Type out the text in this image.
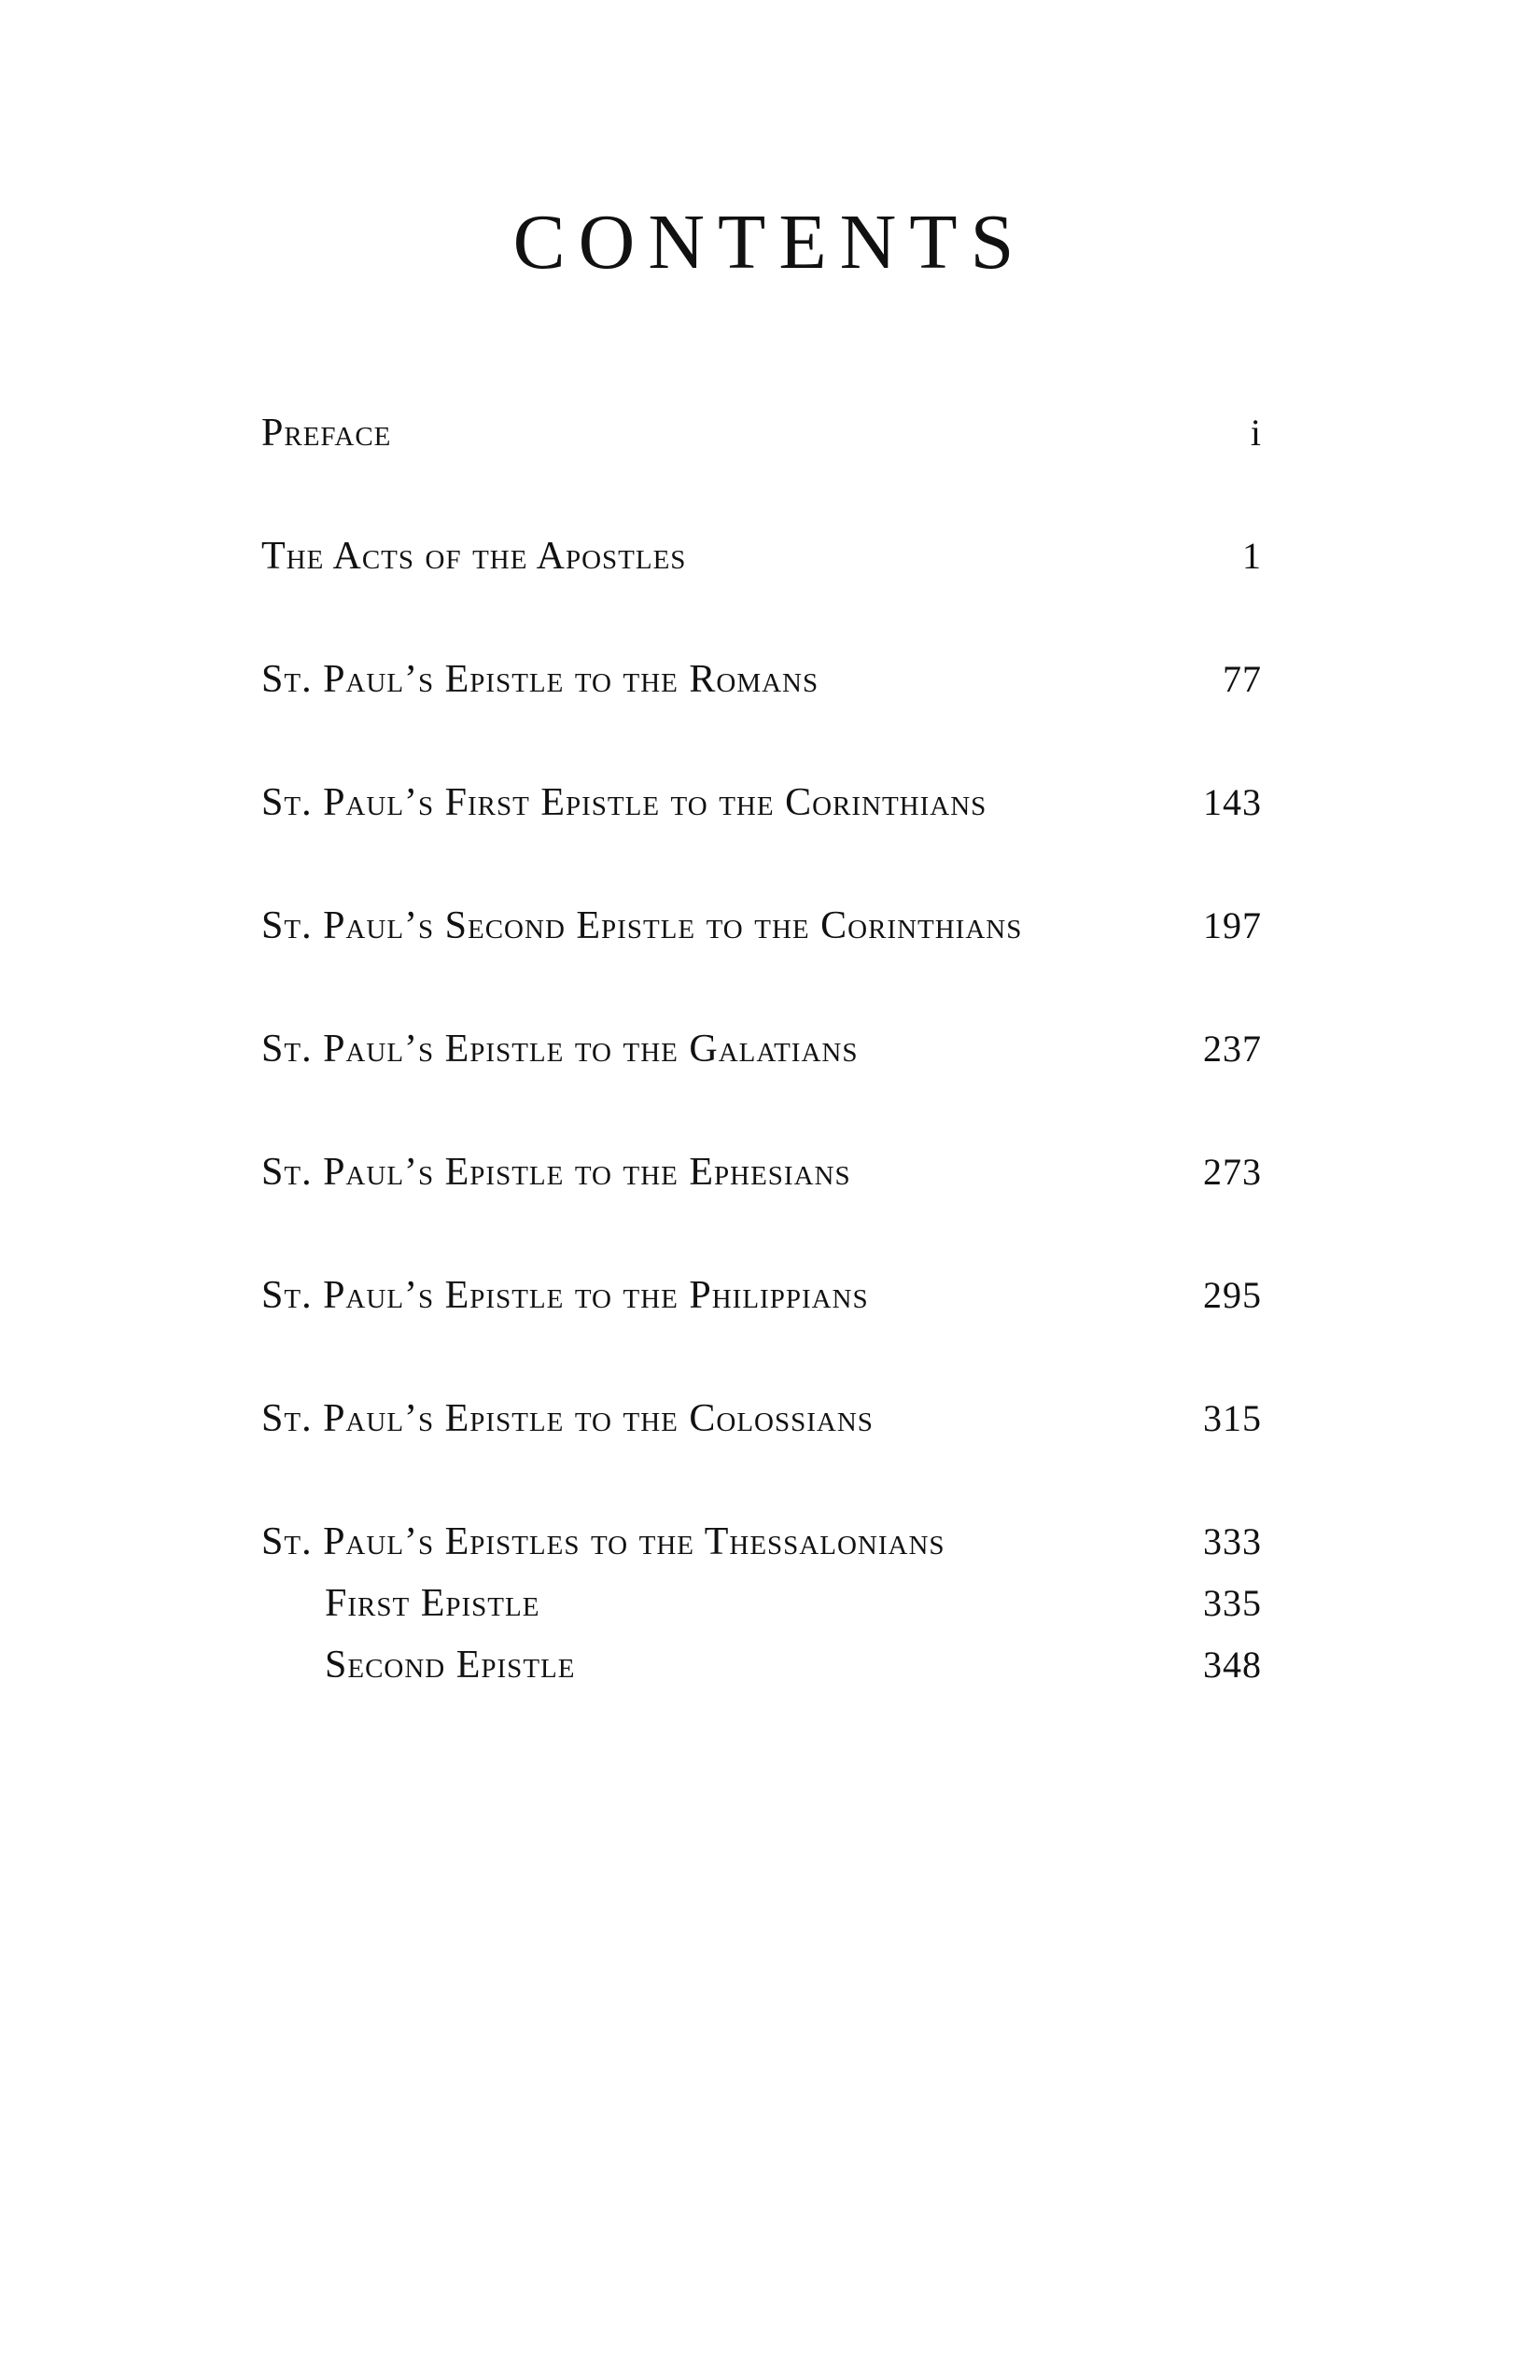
CONTENTS
Preface	i
The Acts of the Apostles	1
St. Paul’s Epistle to the Romans	77
St. Paul’s First Epistle to the Corinthians	143
St. Paul’s Second Epistle to the Corinthians	197
St. Paul’s Epistle to the Galatians	237
St. Paul’s Epistle to the Ephesians	273
St. Paul’s Epistle to the Philippians	295
St. Paul’s Epistle to the Colossians	315
St. Paul’s Epistles to the Thessalonians	333
First Epistle	335
Second Epistle	348
